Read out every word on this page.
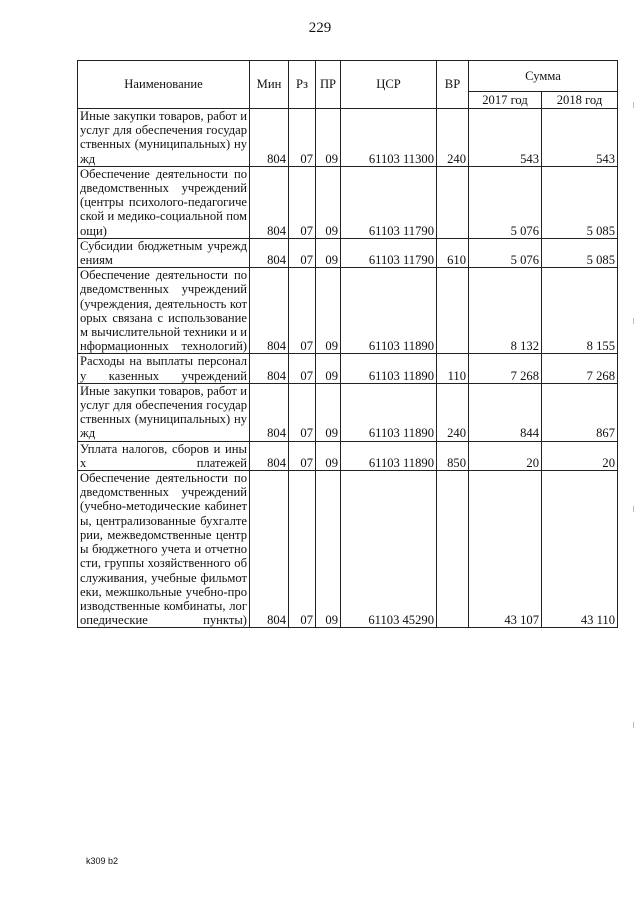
229
Наименование	Мин	Рз	ПР	ЦСР	ВР	Сумма	
						2017 год	2018 год
Иные закупки товаров, работ и услуг для обеспечения государственных (муниципальных) нужд	804	07	09	61103 11300	240	543	543
Обеспечение деятельности подведомственных учреждений (центры психолого-педагогической и медико-социальной помощи)	804	07	09	61103 11790		5 076	5 085
Субсидии бюджетным учреждениям	804	07	09	61103 11790	610	5 076	5 085
Обеспечение деятельности подведомственных учреждений (учреждения, деятельность которых связана с использованием вычислительной техники и информационных технологий)	804	07	09	61103 11890		8 132	8 155
Расходы на выплаты персоналу казенных учреждений	804	07	09	61103 11890	110	7 268	7 268
Иные закупки товаров, работ и услуг для обеспечения государственных (муниципальных) нужд	804	07	09	61103 11890	240	844	867
Уплата налогов, сборов и иных платежей	804	07	09	61103 11890	850	20	20
Обеспечение деятельности подведомственных учреждений (учебно-методические кабинеты, централизованные бухгалтерии, межведомственные центры бюджетного учета и отчетности, группы хозяйственного обслуживания, учебные фильмотеки, межшкольные учебно-производственные комбинаты, логопедические пункты)	804	07	09	61103 45290		43 107	43 110
k309 b2
